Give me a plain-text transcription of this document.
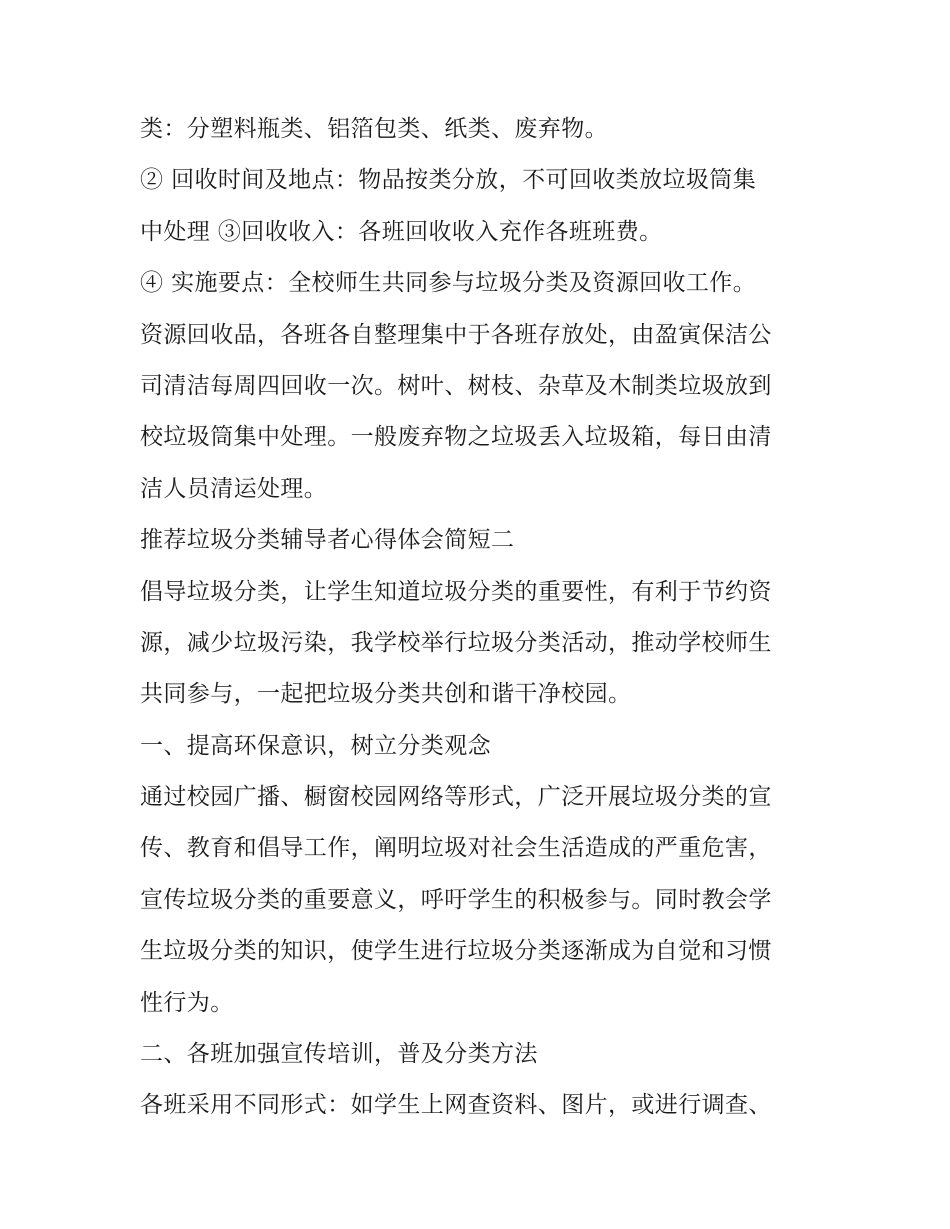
类：分塑料瓶类、铝箔包类、纸类、废弃物。
② 回收时间及地点：物品按类分放，不可回收类放垃圾筒集
中处理 ③回收收入：各班回收收入充作各班班费。
④ 实施要点：全校师生共同参与垃圾分类及资源回收工作。
资源回收品，各班各自整理集中于各班存放处，由盈寅保洁公
司清洁每周四回收一次。树叶、树枝、杂草及木制类垃圾放到
校垃圾筒集中处理。一般废弃物之垃圾丢入垃圾箱，每日由清
洁人员清运处理。
推荐垃圾分类辅导者心得体会简短二
倡导垃圾分类，让学生知道垃圾分类的重要性，有利于节约资
源，减少垃圾污染，我学校举行垃圾分类活动，推动学校师生
共同参与，一起把垃圾分类共创和谐干净校园。
一、提高环保意识，树立分类观念
通过校园广播、橱窗校园网络等形式，广泛开展垃圾分类的宣
传、教育和倡导工作，阐明垃圾对社会生活造成的严重危害，
宣传垃圾分类的重要意义，呼吁学生的积极参与。同时教会学
生垃圾分类的知识，使学生进行垃圾分类逐渐成为自觉和习惯
性行为。
二、各班加强宣传培训，普及分类方法
各班采用不同形式：如学生上网查资料、图片，或进行调查、
